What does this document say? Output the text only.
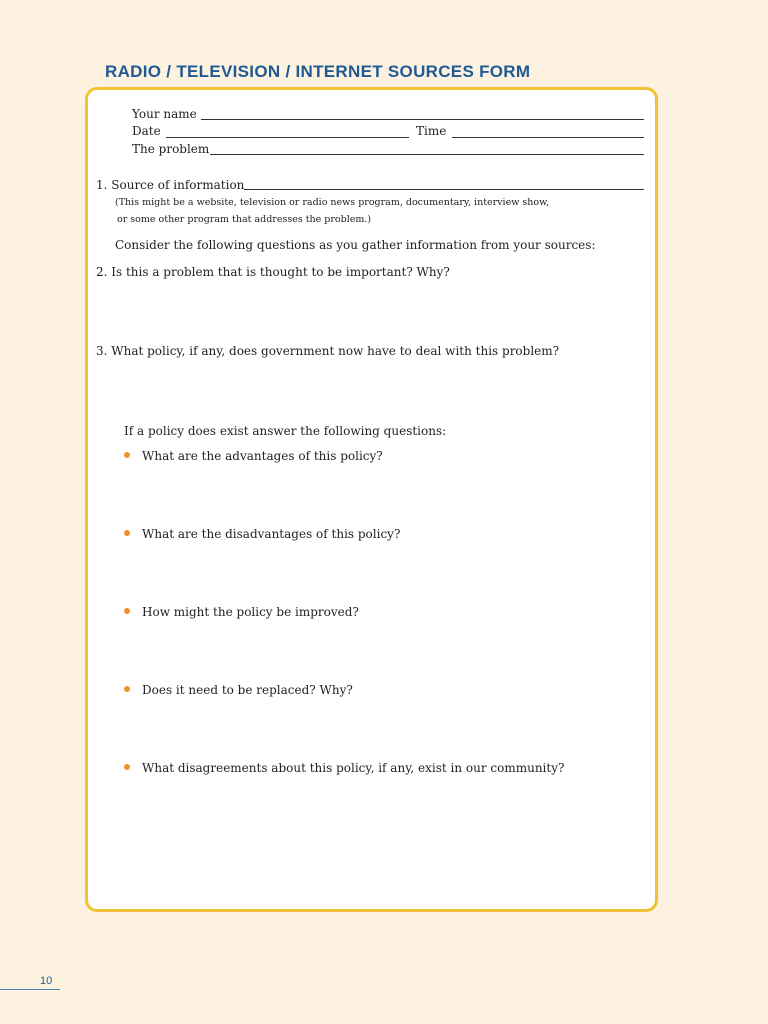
RADIO / TELEVISION / INTERNET SOURCES FORM
Your name
Date	Time
The problem
1. Source of information
(This might be a website, television or radio news program, documentary, interview show,
or some other program that addresses the problem.)
Consider the following questions as you gather information from your sources:
2. Is this a problem that is thought to be important? Why?
3. What policy, if any, does government now have to deal with this problem?
If a policy does exist answer the following questions:
What are the advantages of this policy?
What are the disadvantages of this policy?
How might the policy be improved?
Does it need to be replaced? Why?
What disagreements about this policy, if any, exist in our community?
10
